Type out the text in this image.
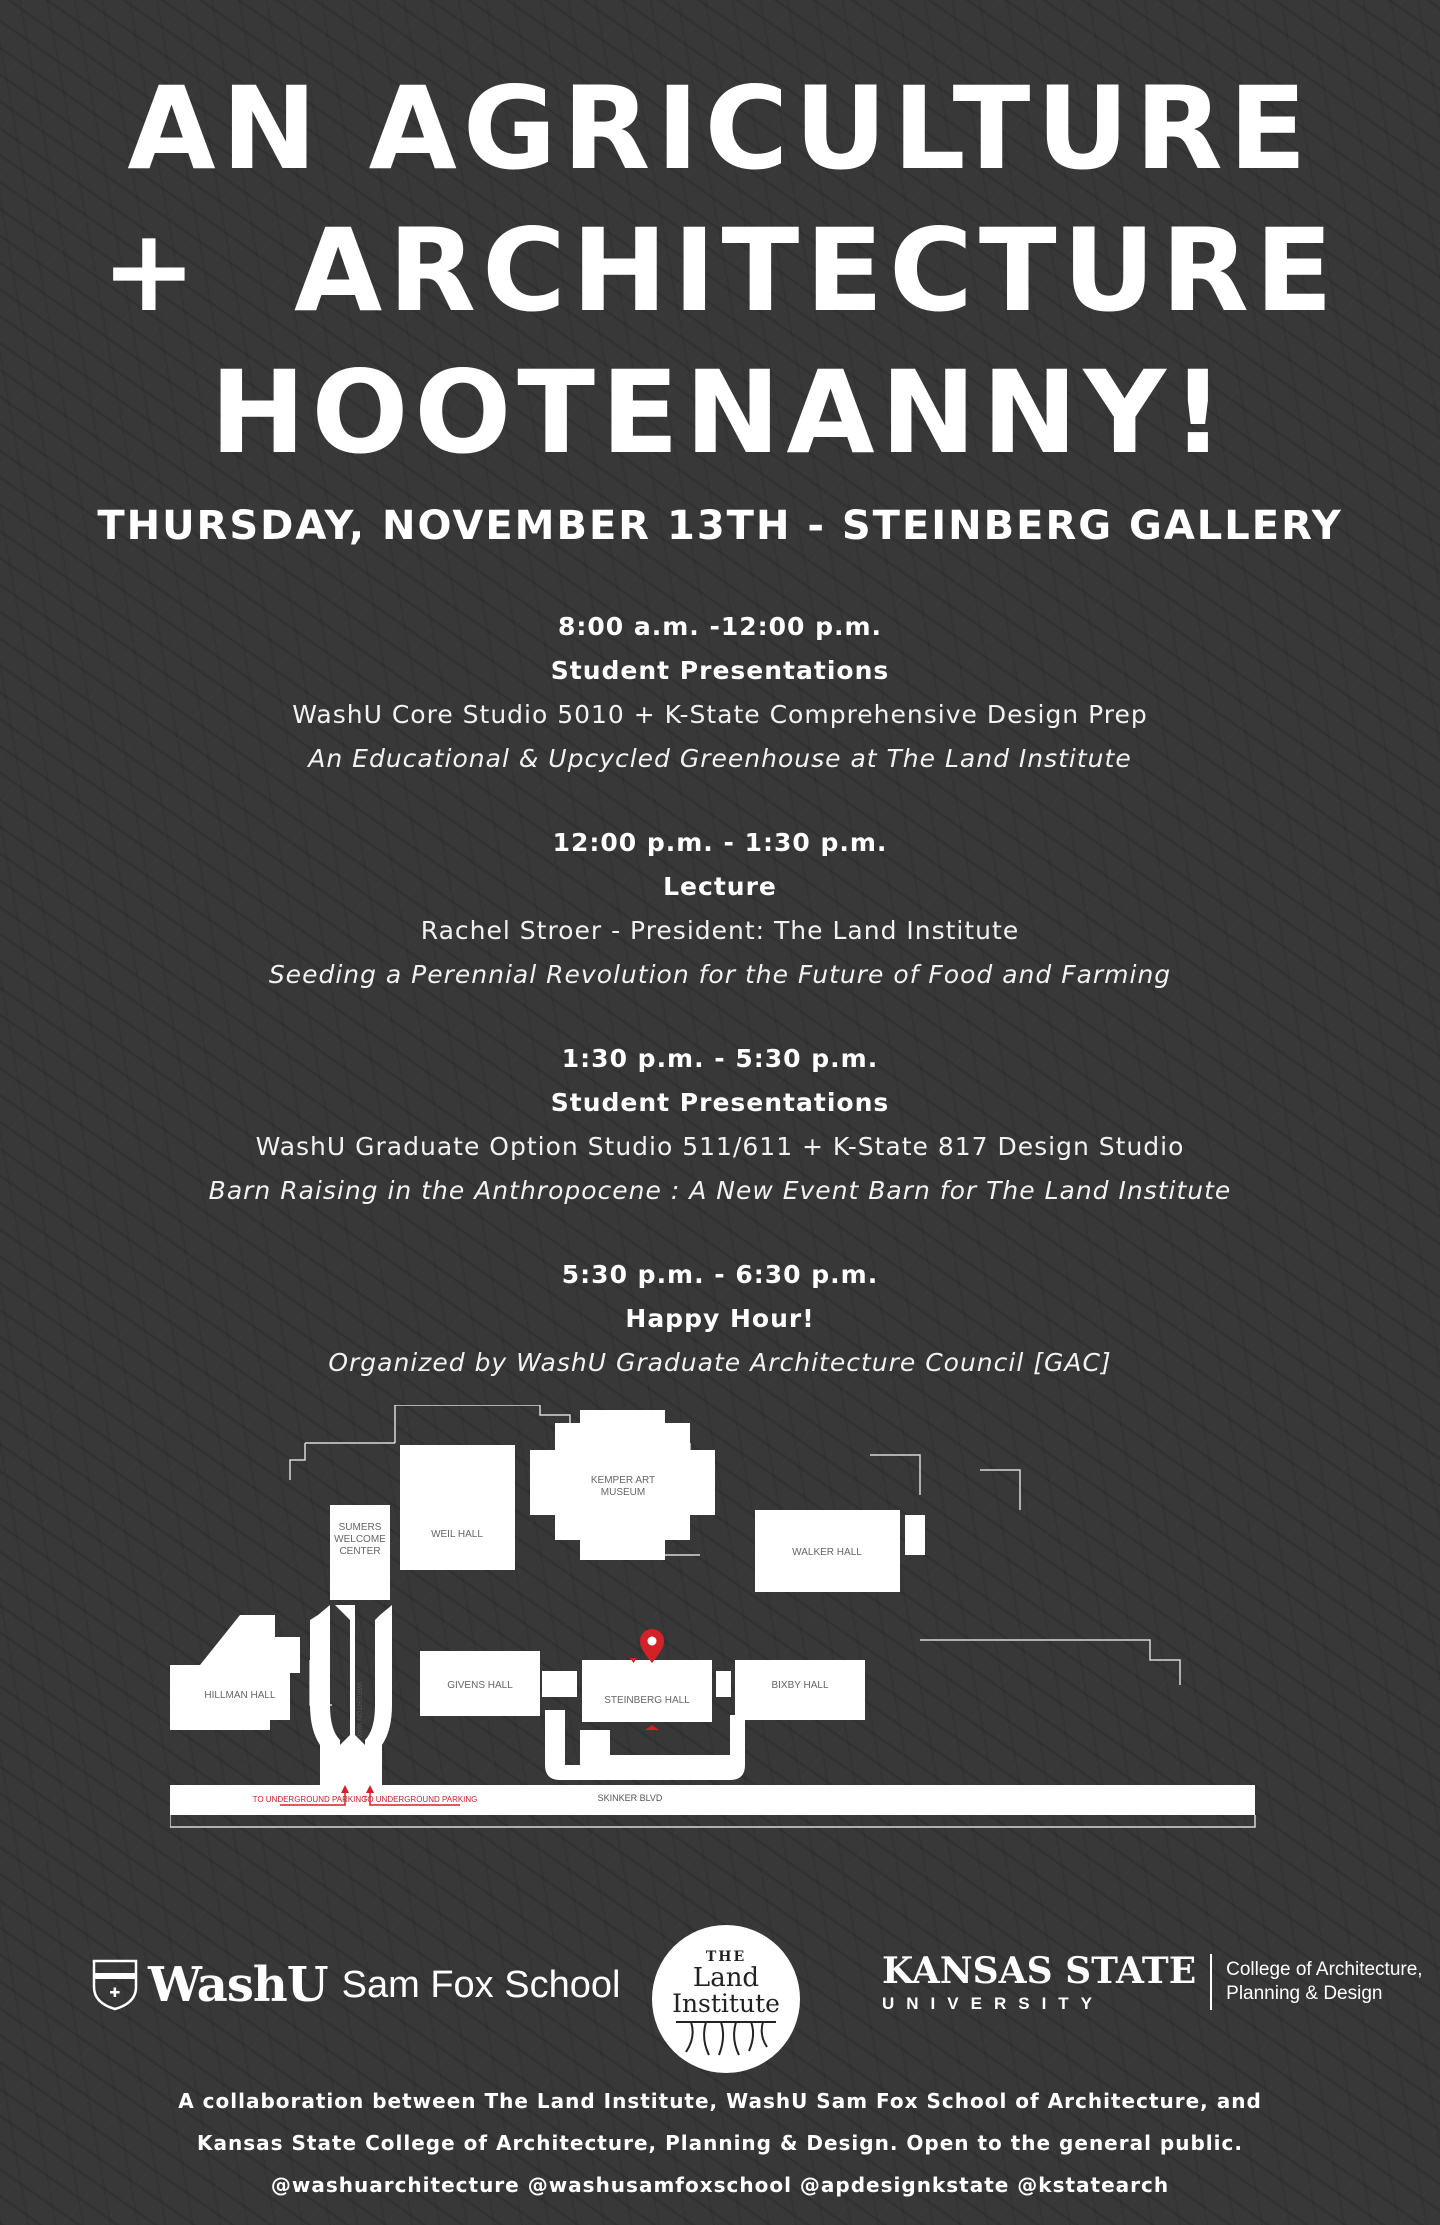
AN AGRICULTURE
+  ARCHITECTURE
HOOTENANNY!
THURSDAY, NOVEMBER 13TH - STEINBERG GALLERY
8:00 a.m. -12:00 p.m.
Student Presentations
WashU Core Studio 5010 + K-State Comprehensive Design Prep
An Educational & Upcycled Greenhouse at The Land Institute
12:00 p.m. - 1:30 p.m.
Lecture
Rachel Stroer - President: The Land Institute
Seeding a Perennial Revolution for the Future of Food and Farming
1:30 p.m. - 5:30 p.m.
Student Presentations
WashU Graduate Option Studio 511/611 + K-State 817 Design Studio
Barn Raising in the Anthropocene : A New Event Barn for The Land Institute
5:30 p.m. - 6:30 p.m.
Happy Hour!
Organized by WashU Graduate Architecture Council [GAC]
SUMERS
WELCOME
CENTER
WEIL HALL
KEMPER ART
MUSEUM
WALKER HALL
HILLMAN HALL
GIVENS HALL
STEINBERG HALL
BIXBY HALL
SKINKER BLVD
WRIGHTON WAY
TO UNDERGROUND PARKING
TO UNDERGROUND PARKING
✚ WashU Sam Fox School
THE
Land
Institute
KANSAS STATE
UNIVERSITY
College of Architecture,
Planning & Design
A collaboration between The Land Institute, WashU Sam Fox School of Architecture, and
Kansas State College of Architecture, Planning & Design. Open to the general public.
@washuarchitecture @washusamfoxschool @apdesignkstate @kstatearch
